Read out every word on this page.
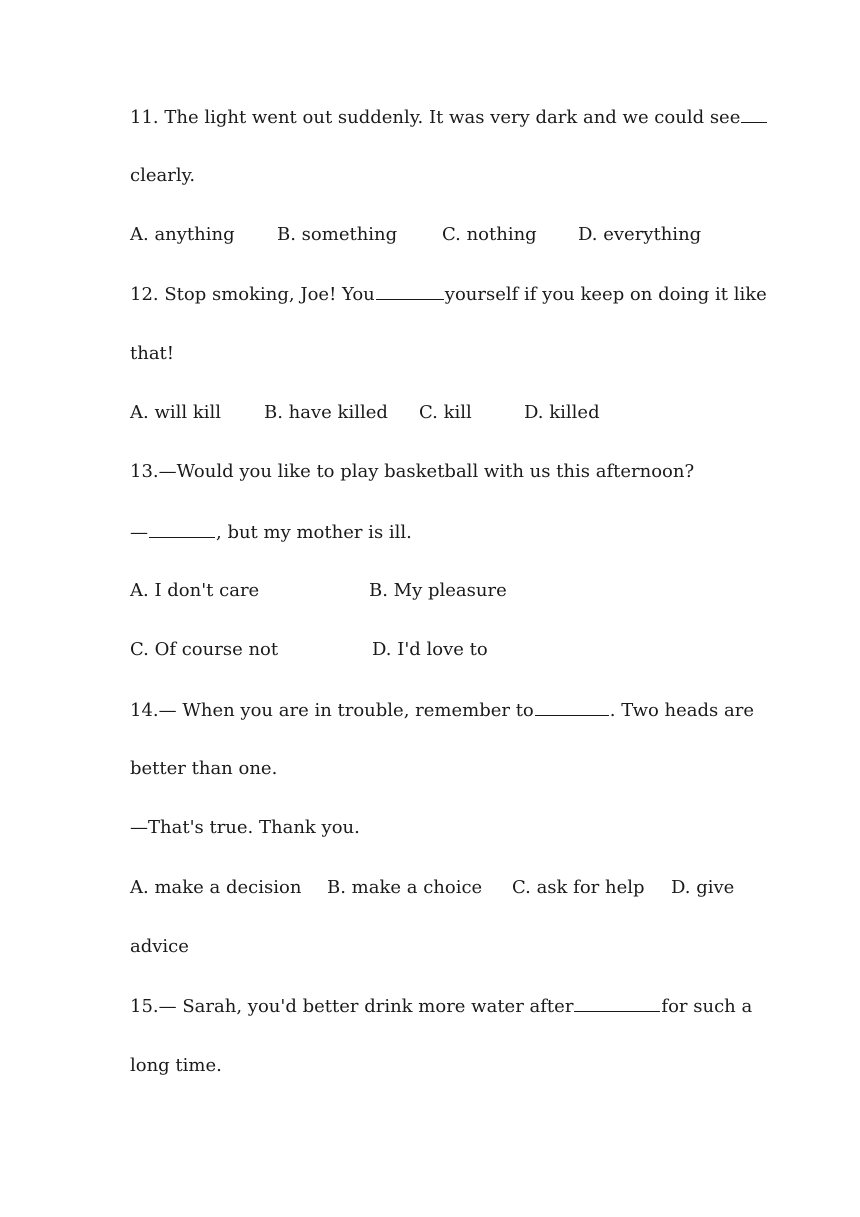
11. The light went out suddenly. It was very dark and we could see
clearly.
A. anything B. something C. nothing D. everything
12. Stop smoking, Joe! You	yourself if you keep on doing it like
that!
A. will kill B. have killed C. kill	D. killed
13.—Would you like to play basketball with us this afternoon?
—	, but my mother is ill.
A. I don't care	B. My pleasure
C. Of course not	D. I'd love to
14.— When you are in trouble, remember to	. Two heads are
better than one.
—That's true. Thank you.
A. make a decision B. make a choice C. ask for help D. give
advice
15.— Sarah, you'd better drink more water after	for such a
long time.
